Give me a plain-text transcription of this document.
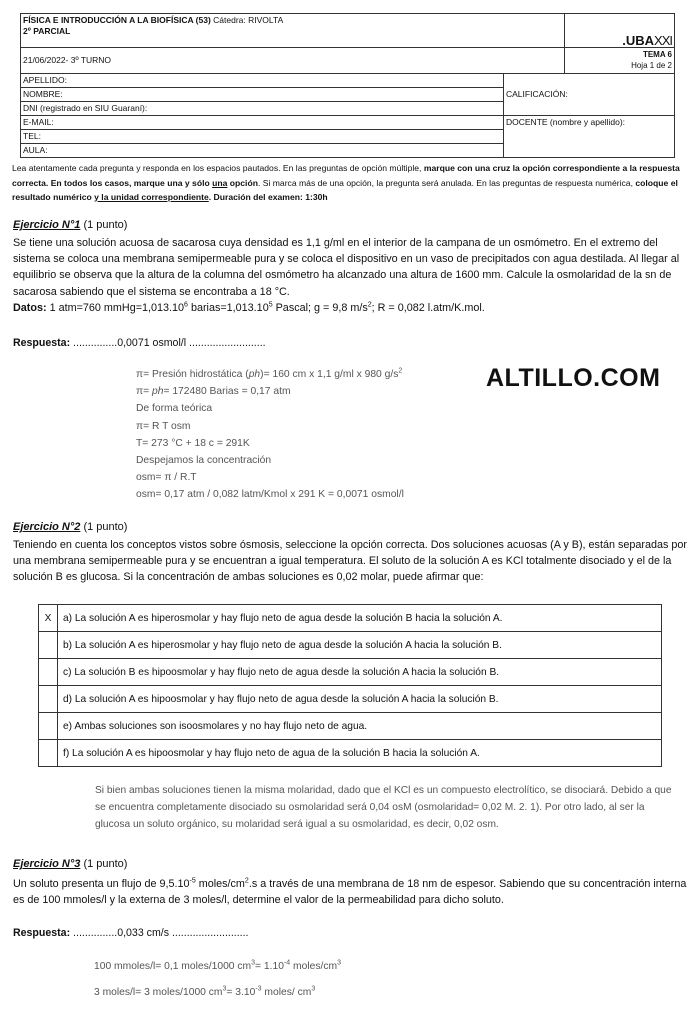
FÍSICA E INTRODUCCIÓN A LA BIOFÍSICA (53) Cátedra: RIVOLTA
2º PARCIAL		.UBAXXI
21/06/2022- 3º TURNO		TEMA 6
Hoja 1 de 2
APELLIDO:	CALIFICACIÓN:	
NOMBRE:		
DNI (registrado en SIU Guaraní):		
E-MAIL:	DOCENTE (nombre y apellido):	
TEL:		
AULA:		
Lea atentamente cada pregunta y responda en los espacios pautados. En las preguntas de opción múltiple, marque con una cruz la opción correspondiente a la respuesta correcta. En todos los casos, marque una y sólo una opción. Si marca más de una opción, la pregunta será anulada. En las preguntas de respuesta numérica, coloque el resultado numérico y la unidad correspondiente. Duración del examen: 1:30h
Ejercicio N°1 (1 punto)
Se tiene una solución acuosa de sacarosa cuya densidad es 1,1 g/ml en el interior de la campana de un osmómetro. En el extremo del sistema se coloca una membrana semipermeable pura y se coloca el dispositivo en un vaso de precipitados con agua destilada. Al llegar al equilibrio se observa que la altura de la columna del osmómetro ha alcanzado una altura de 1600 mm. Calcule la osmolaridad de la sn de sacarosa sabiendo que el sistema se encontraba a 18 °C.
Datos: 1 atm=760 $mmHg=1,013.10^6$ $barias=1,013.10^5$ Pascal; g = 9,8 $m/s^2$; R = 0,082 l.atm/K.mol.
Respuesta: ...............0,0071 osmol/l ..........................
ALTILLO.COM
π= Presión hidrostática (ph)= 160 cm x 1,1 g/ml x 980 $g/s^2$
π= ph= 172480 Barias = 0,17 atm
De forma teórica
π= R T osm
T= 273 °C + 18 c = 291K
Despejamos la concentración
osm= π / R.T
osm= 0,17 atm / 0,082 latm/Kmol x 291 K = 0,0071 osmol/l
Ejercicio N°2 (1 punto)
Teniendo en cuenta los conceptos vistos sobre ósmosis, seleccione la opción correcta. Dos soluciones acuosas (A y B), están separadas por una membrana semipermeable pura y se encuentran a igual temperatura. El soluto de la solución A es KCl totalmente disociado y el de la solución B es glucosa. Si la concentración de ambas soluciones es 0,02 molar, puede afirmar que:
X	a) La solución A es hiperosmolar y hay flujo neto de agua desde la solución B hacia la solución A.
	b) La solución A es hiperosmolar y hay flujo neto de agua desde la solución A hacia la solución B.
	c) La solución B es hipoosmolar y hay flujo neto de agua desde la solución A hacia la solución B.
	d) La solución A es hipoosmolar y hay flujo neto de agua desde la solución A hacia la solución B.
	e) Ambas soluciones son isoosmolares y no hay flujo neto de agua.
	f) La solución A es hipoosmolar y hay flujo neto de agua de la solución B hacia la solución A.
Si bien ambas soluciones tienen la misma molaridad, dado que el KCl es un compuesto electrolítico, se disociará. Debido a que se encuentra completamente disociado su osmolaridad será 0,04 osM (osmolaridad= 0,02 M. 2. 1). Por otro lado, al ser la glucosa un soluto orgánico, su molaridad será igual a su osmolaridad, es decir, 0,02 osm.
Ejercicio N°3 (1 punto)
Un soluto presenta un flujo de $9,5.10^{-5}$ moles/$cm^2.s$ a través de una membrana de 18 nm de espesor. Sabiendo que su concentración interna es de 100 mmoles/l y la externa de 3 moles/l, determine el valor de la permeabilidad para dicho soluto.
Respuesta: ...............0,033 cm/s ..........................
100 mmoles/l= 0,1 moles/1000 $cm^3= 1.10^{-4}$ moles/$cm^3$
3 moles/l= 3 moles/1000 $cm^3= 3.10^{-3}$ moles/ $cm^3$
